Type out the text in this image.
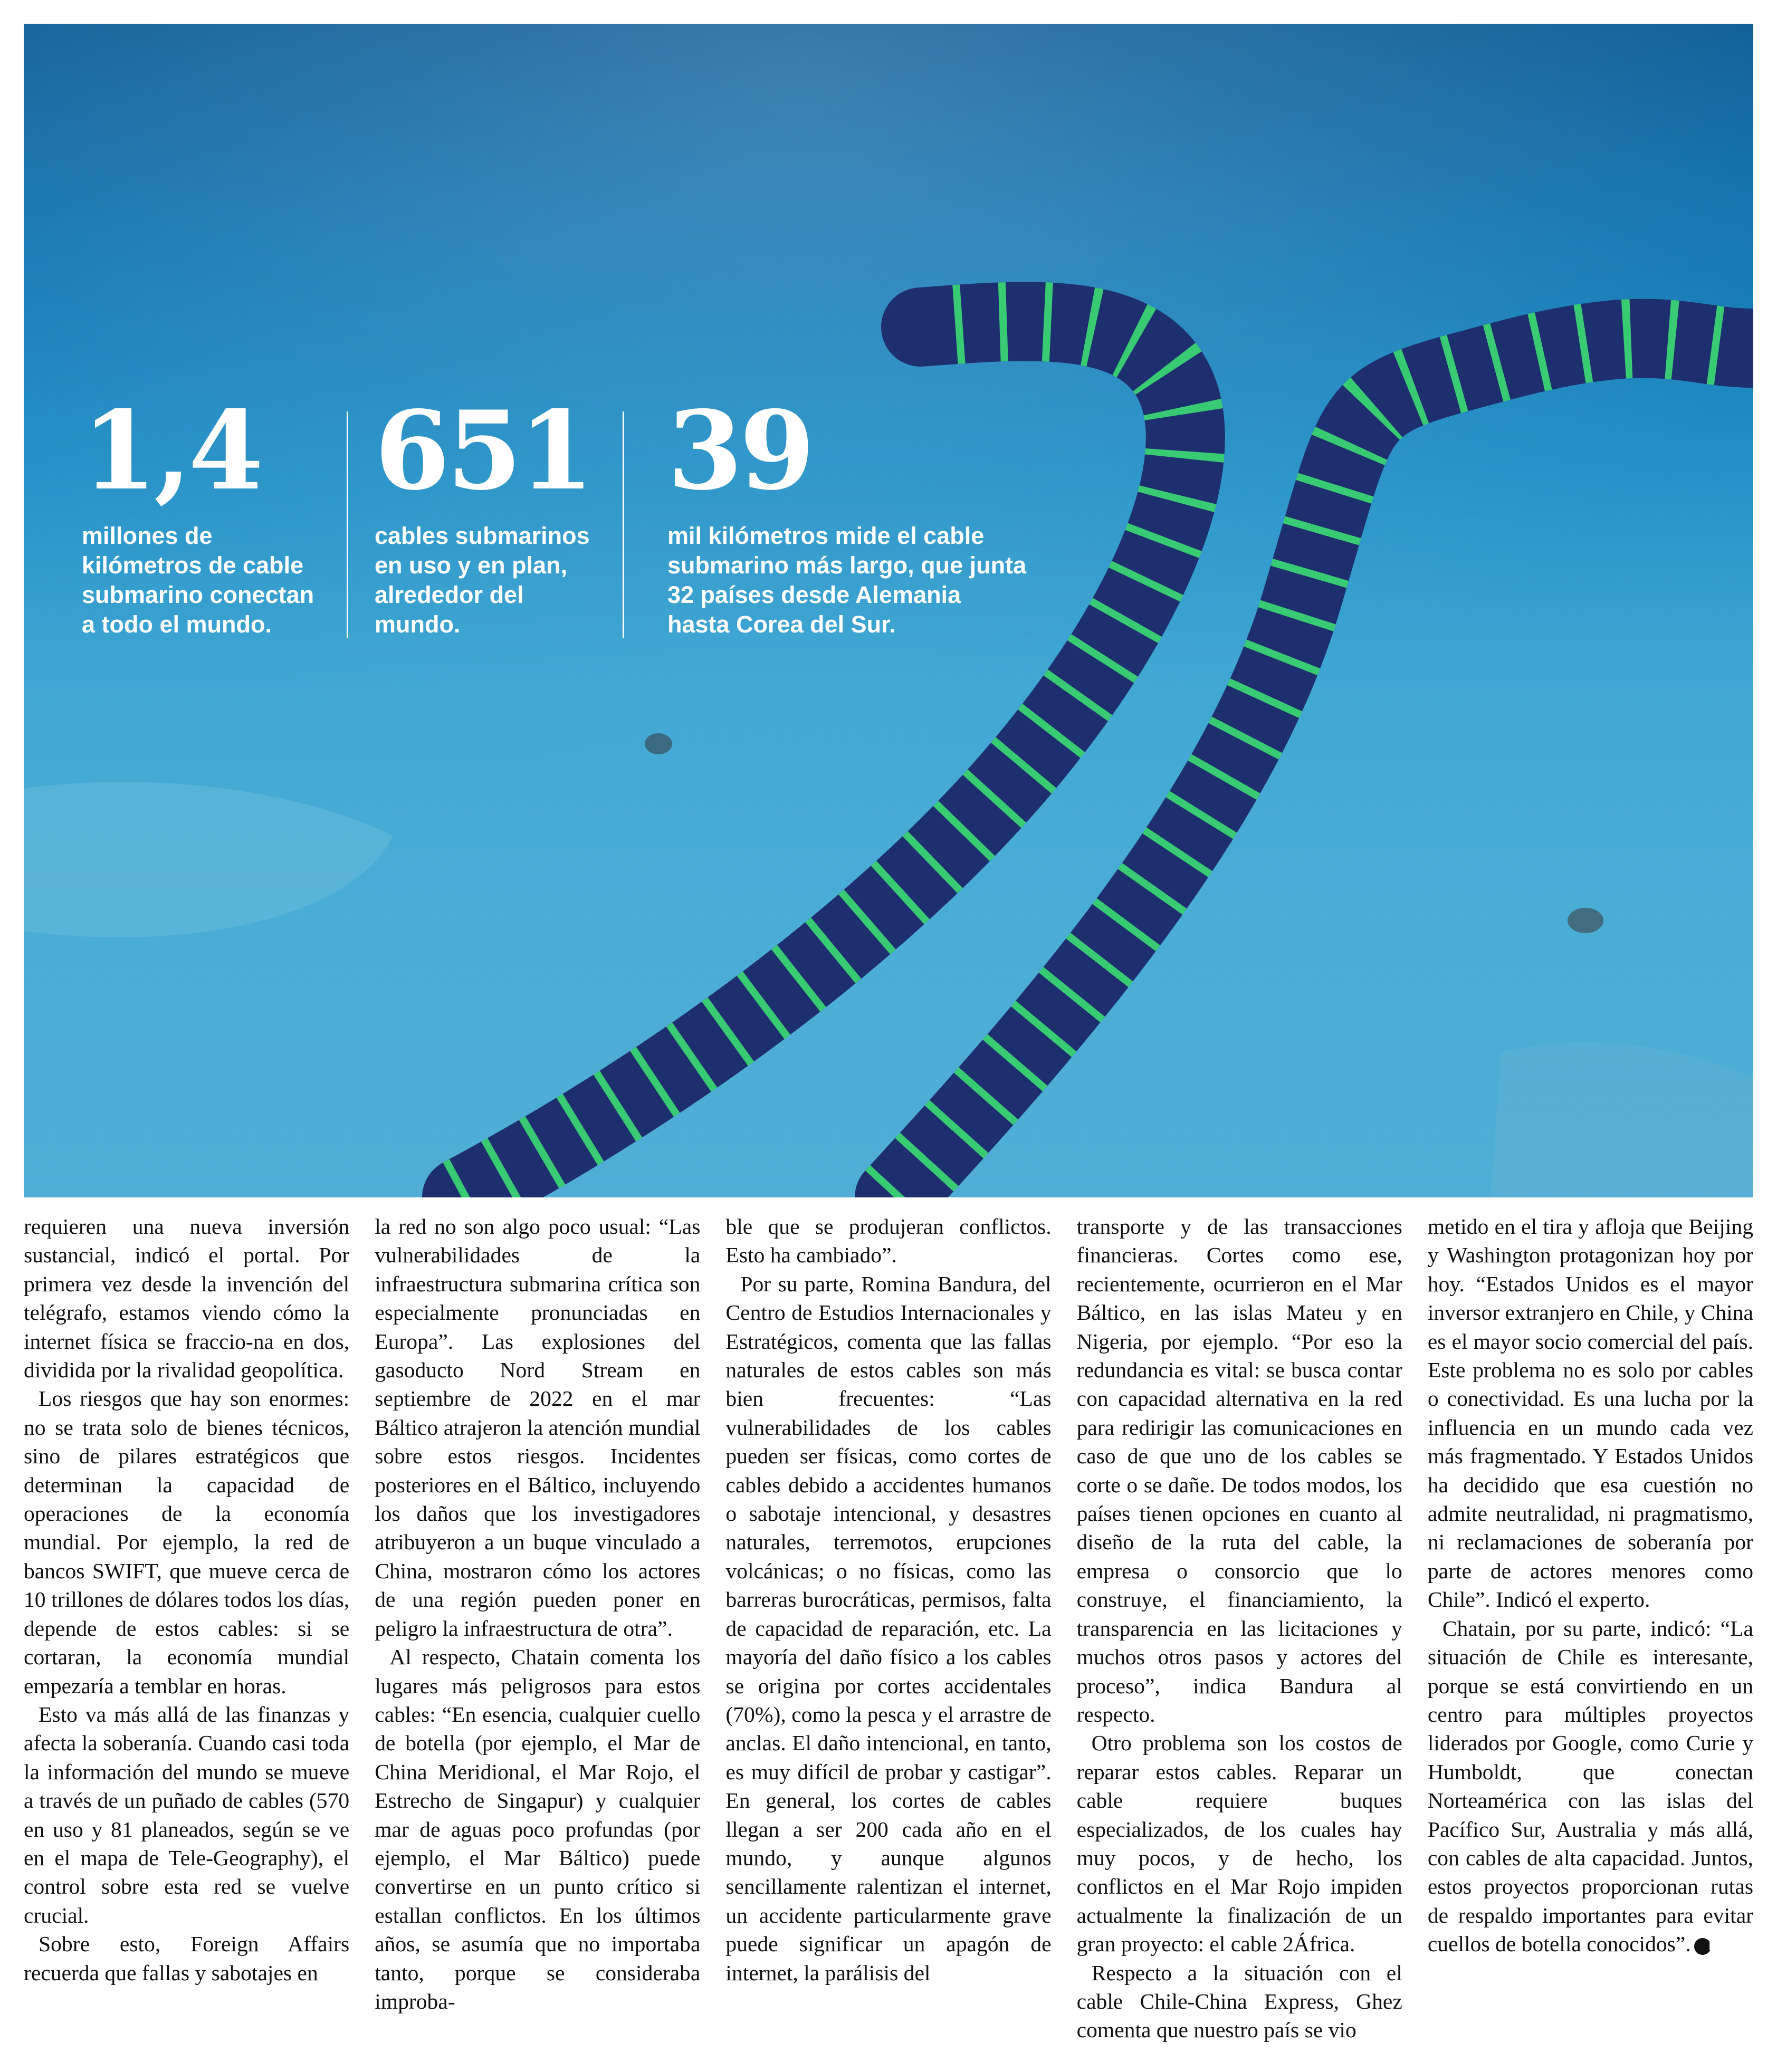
1,4
millones de
kilómetros de cable
submarino conectan
a todo el mundo.
651
cables submarinos
en uso y en plan,
alrededor del
mundo.
39
mil kilómetros mide el cable
submarino más largo, que junta
32 países desde Alemania
hasta Corea del Sur.

requieren una nueva inversión sustancial, indicó el portal. Por primera vez desde la invención del telégrafo, estamos viendo cómo la internet física se fraccio-na en dos, dividida por la rivalidad geopolítica.

Los riesgos que hay son enormes: no se trata solo de bienes técnicos, sino de pilares estratégicos que determinan la capacidad de operaciones de la economía mundial. Por ejemplo, la red de bancos SWIFT, que mueve cerca de 10 trillones de dólares todos los días, depende de estos cables: si se cortaran, la economía mundial empezaría a temblar en horas.

Esto va más allá de las finanzas y afecta la soberanía. Cuando casi toda la información del mundo se mueve a través de un puñado de cables (570 en uso y 81 planeados, según se ve en el mapa de Tele-Geography), el control sobre esta red se vuelve crucial.

Sobre esto, Foreign Affairs recuerda que fallas y sabotajes en

la red no son algo poco usual: “Las vulnerabilidades de la infraestructura submarina crítica son especialmente pronunciadas en Europa”. Las explosiones del gasoducto Nord Stream en septiembre de 2022 en el mar Báltico atrajeron la atención mundial sobre estos riesgos. Incidentes posteriores en el Báltico, incluyendo los daños que los investigadores atribuyeron a un buque vinculado a China, mostraron cómo los actores de una región pueden poner en peligro la infraestructura de otra”.

Al respecto, Chatain comenta los lugares más peligrosos para estos cables: “En esencia, cualquier cuello de botella (por ejemplo, el Mar de China Meridional, el Mar Rojo, el Estrecho de Singapur) y cualquier mar de aguas poco profundas (por ejemplo, el Mar Báltico) puede convertirse en un punto crítico si estallan conflictos. En los últimos años, se asumía que no importaba tanto, porque se consideraba improba-

ble que se produjeran conflictos. Esto ha cambiado”.

Por su parte, Romina Bandura, del Centro de Estudios Internacionales y Estratégicos, comenta que las fallas naturales de estos cables son más bien frecuentes: “Las vulnerabilidades de los cables pueden ser físicas, como cortes de cables debido a accidentes humanos o sabotaje intencional, y desastres naturales, terremotos, erupciones volcánicas; o no físicas, como las barreras burocráticas, permisos, falta de capacidad de reparación, etc. La mayoría del daño físico a los cables se origina por cortes accidentales (70%), como la pesca y el arrastre de anclas. El daño intencional, en tanto, es muy difícil de probar y castigar”. En general, los cortes de cables llegan a ser 200 cada año en el mundo, y aunque algunos sencillamente ralentizan el internet, un accidente particularmente grave puede significar un apagón de internet, la parálisis del

transporte y de las transacciones financieras. Cortes como ese, recientemente, ocurrieron en el Mar Báltico, en las islas Mateu y en Nigeria, por ejemplo. “Por eso la redundancia es vital: se busca contar con capacidad alternativa en la red para redirigir las comunicaciones en caso de que uno de los cables se corte o se dañe. De todos modos, los países tienen opciones en cuanto al diseño de la ruta del cable, la empresa o consorcio que lo construye, el financiamiento, la transparencia en las licitaciones y muchos otros pasos y actores del proceso”, indica Bandura al respecto.

Otro problema son los costos de reparar estos cables. Reparar un cable requiere buques especializados, de los cuales hay muy pocos, y de hecho, los conflictos en el Mar Rojo impiden actualmente la finalización de un gran proyecto: el cable 2África.

Respecto a la situación con el cable Chile-China Express, Ghez comenta que nuestro país se vio

metido en el tira y afloja que Beijing y Washington protagonizan hoy por hoy. “Estados Unidos es el mayor inversor extranjero en Chile, y China es el mayor socio comercial del país. Este problema no es solo por cables o conectividad. Es una lucha por la influencia en un mundo cada vez más fragmentado. Y Estados Unidos ha decidido que esa cuestión no admite neutralidad, ni pragmatismo, ni reclamaciones de soberanía por parte de actores menores como Chile”. Indicó el experto.

Chatain, por su parte, indicó: “La situación de Chile es interesante, porque se está convirtiendo en un centro para múltiples proyectos liderados por Google, como Curie y Humboldt, que conectan Norteamérica con las islas del Pacífico Sur, Australia y más allá, con cables de alta capacidad. Juntos, estos proyectos proporcionan rutas de respaldo importantes para evitar cuellos de botella conocidos”. P
